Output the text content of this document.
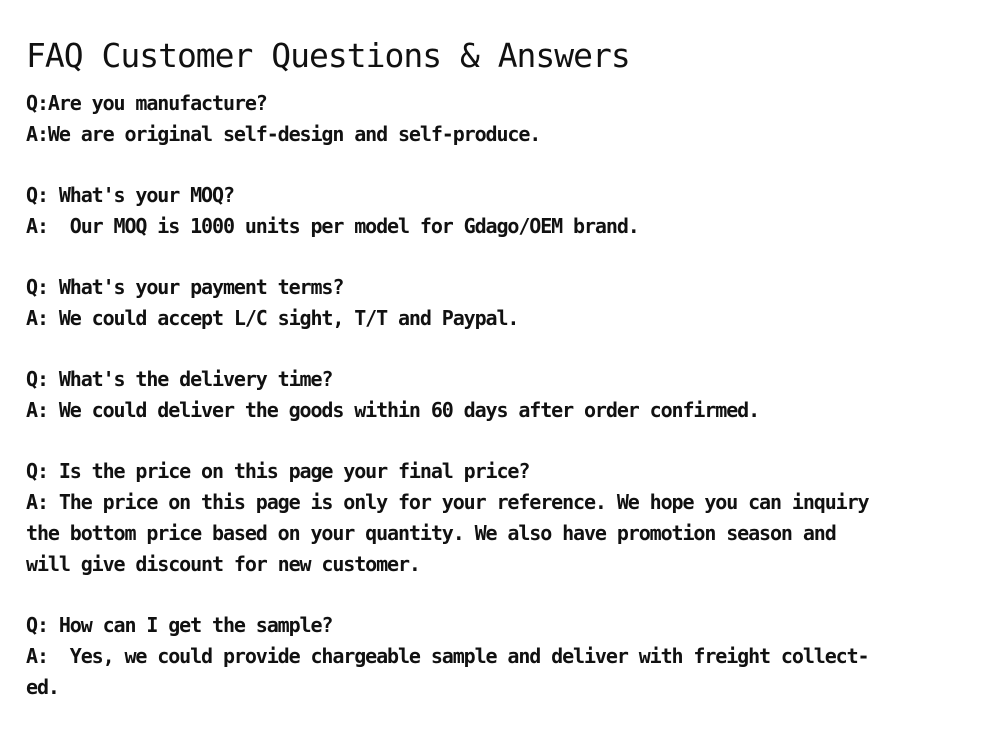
FAQ Customer Questions & Answers

Q:Are you manufacture?

A:We are original self-design and self-produce.

Q: What's your MOQ?

A:  Our MOQ is 1000 units per model for Gdago/OEM brand.

Q: What's your payment terms?

A: We could accept L/C sight, T/T and Paypal.

Q: What's the delivery time?

A: We could deliver the goods within 60 days after order confirmed.

Q: Is the price on this page your final price?

A: The price on this page is only for your reference. We hope you can inquiry

the bottom price based on your quantity. We also have promotion season and

will give discount for new customer.

Q: How can I get the sample?

A:  Yes, we could provide chargeable sample and deliver with freight collect-

ed.
